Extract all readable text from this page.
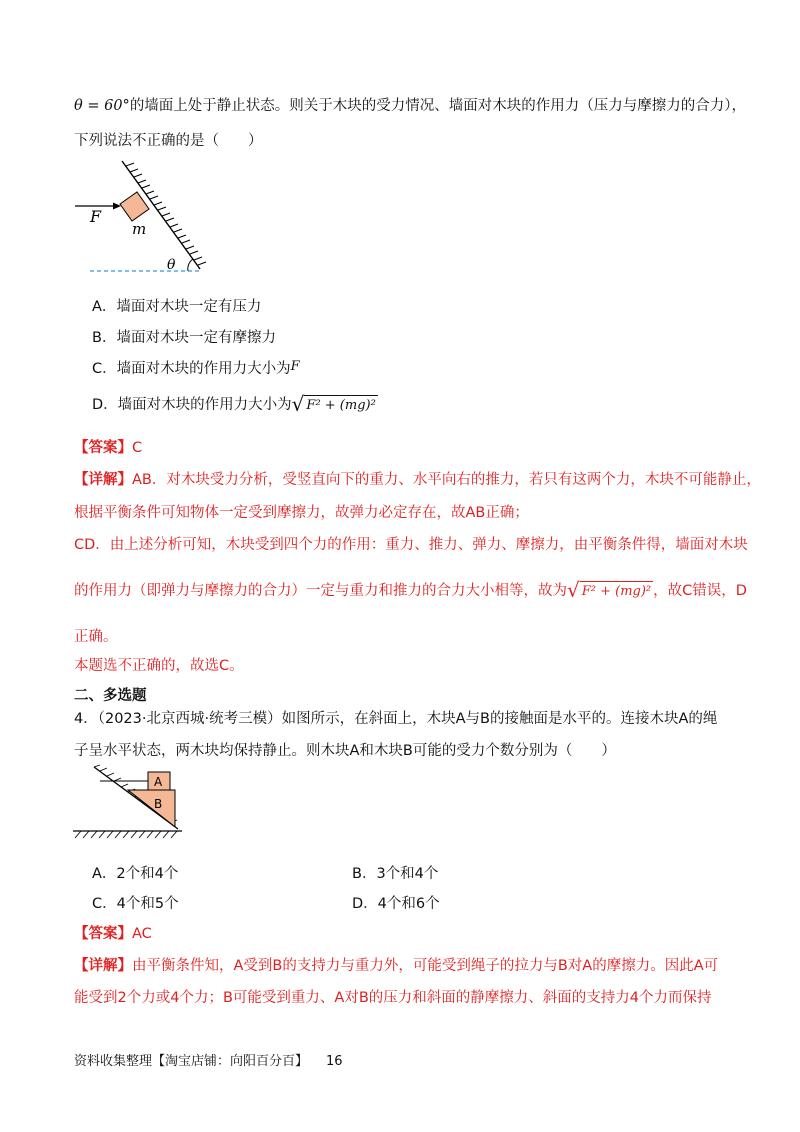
θ = 60°的墙面上处于静止状态。则关于木块的受力情况、墙面对木块的作用力（压力与摩擦力的合力），
下列说法不正确的是（　　）
F
m
θ
A．墙面对木块一定有压力
B．墙面对木块一定有摩擦力
C．墙面对木块的作用力大小为F
D．墙面对木块的作用力大小为√ F² + (mg)²
【答案】C
【详解】AB．对木块受力分析，受竖直向下的重力、水平向右的推力，若只有这两个力，木块不可能静止，
根据平衡条件可知物体一定受到摩擦力，故弹力必定存在，故AB正确；
CD．由上述分析可知，木块受到四个力的作用：重力、推力、弹力、摩擦力，由平衡条件得，墙面对木块
的作用力（即弹力与摩擦力的合力）一定与重力和推力的合力大小相等，故为√ F² + (mg)² ，故C错误，D
正确。
本题选不正确的，故选C。
二、多选题
4．（2023·北京西城·统考三模）如图所示，在斜面上，木块A与B的接触面是水平的。连接木块A的绳
子呈水平状态，两木块均保持静止。则木块A和木块B可能的受力个数分别为（　　）
A
B
A．2个和4个	B．3个和4个
C．4个和5个	D．4个和6个
【答案】AC
【详解】由平衡条件知，A受到B的支持力与重力外，可能受到绳子的拉力与B对A的摩擦力。因此A可
能受到2个力或4个力；B可能受到重力、A对B的压力和斜面的静摩擦力、斜面的支持力4个力而保持
资料收集整理【淘宝店铺：向阳百分百】 16
